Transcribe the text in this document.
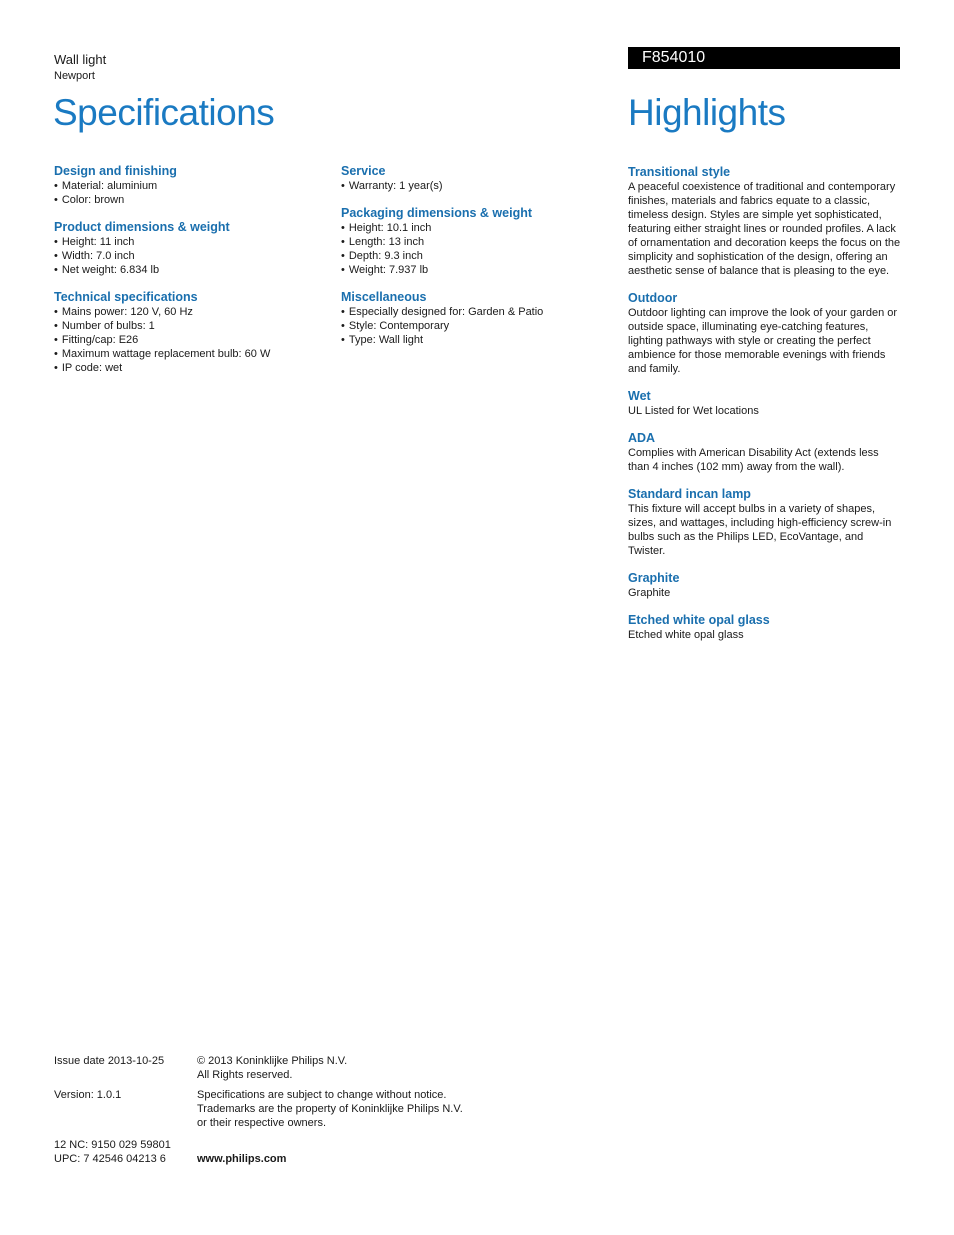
Wall light
Newport
Specifications
F854010
Highlights
Design and finishing
• Material: aluminium
• Color: brown
Product dimensions & weight
• Height: 11 inch
• Width: 7.0 inch
• Net weight: 6.834 lb
Technical specifications
• Mains power: 120 V, 60 Hz
• Number of bulbs: 1
• Fitting/cap: E26
• Maximum wattage replacement bulb: 60 W
• IP code: wet
Service
• Warranty: 1 year(s)
Packaging dimensions & weight
• Height: 10.1 inch
• Length: 13 inch
• Depth: 9.3 inch
• Weight: 7.937 lb
Miscellaneous
• Especially designed for: Garden & Patio
• Style: Contemporary
• Type: Wall light
Transitional style

A peaceful coexistence of traditional and contemporary finishes, materials and fabrics equate to a classic, timeless design. Styles are simple yet sophisticated, featuring either straight lines or rounded profiles. A lack of ornamentation and decoration keeps the focus on the simplicity and sophistication of the design, offering an aesthetic sense of balance that is pleasing to the eye.

Outdoor

Outdoor lighting can improve the look of your garden or outside space, illuminating eye-catching features, lighting pathways with style or creating the perfect ambience for those memorable evenings with friends and family.

Wet

UL Listed for Wet locations

ADA

Complies with American Disability Act (extends less than 4 inches (102 mm) away from the wall).

Standard incan lamp

This fixture will accept bulbs in a variety of shapes, sizes, and wattages, including high-efficiency screw-in bulbs such as the Philips LED, EcoVantage, and Twister.

Graphite

Graphite

Etched white opal glass

Etched white opal glass

Issue date 2013-10-25
Version: 1.0.1
12 NC: 9150 029 59801
UPC: 7 42546 04213 6
© 2013 Koninklijke Philips N.V.
All Rights reserved.
Specifications are subject to change without notice.
Trademarks are the property of Koninklijke Philips N.V.
or their respective owners.
www.philips.com
